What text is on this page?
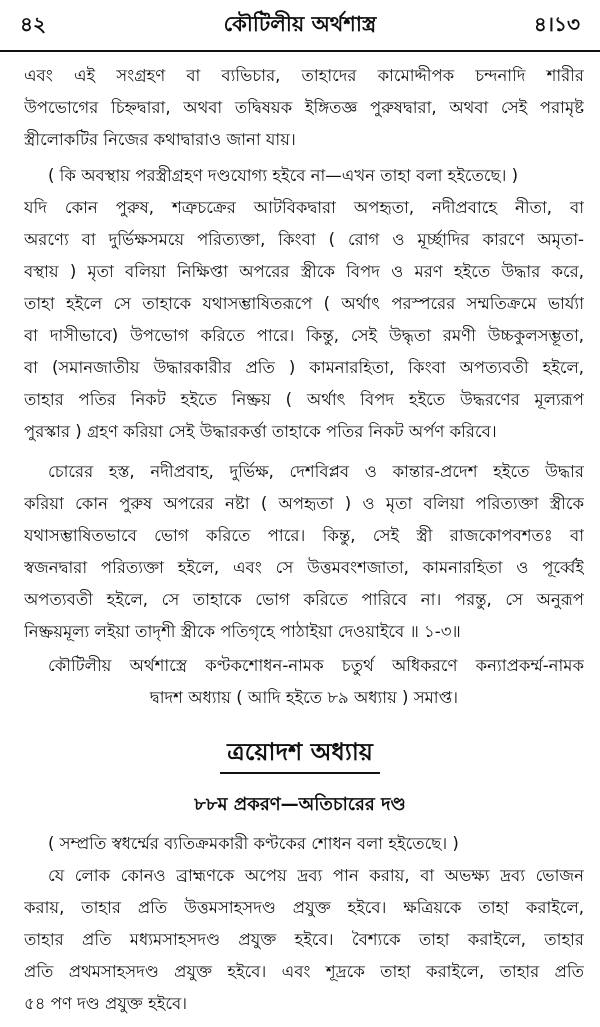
৪২	কৌটিলীয় অর্থশাস্ত্র	৪।১৩
এবং এই সংগ্রহণ বা ব্যভিচার, তাহাদের কামোদ্দীপক চন্দনাদি শারীর
উপভোগের চিহ্নদ্বারা, অথবা তদ্বিষয়ক ইঙ্গিতজ্ঞ পুরুষদ্বারা, অথবা সেই পরামৃষ্ট
স্ত্রীলোকটির নিজের কথাদ্বারাও জানা যায়।
( কি অবস্থায় পরস্ত্রীগ্রহণ দণ্ডযোগ্য হইবে না—এখন তাহা বলা হইতেছে। )
যদি কোন পুরুষ, শত্রুচক্রের আটবিকদ্বারা অপহৃতা, নদীপ্রবাহে নীতা, বা
অরণ্যে বা দুর্ভিক্ষসময়ে পরিত্যক্তা, কিংবা ( রোগ ও মূর্চ্ছাদির কারণে অমৃতা-
বস্থায় ) মৃতা বলিয়া নিক্ষিপ্তা অপরের স্ত্রীকে বিপদ ও মরণ হইতে উদ্ধার করে,
তাহা হইলে সে তাহাকে যথাসম্ভাষিতরূপে ( অর্থাৎ পরস্পরের সম্মতিক্রমে ভার্য্যা
বা দাসীভাবে) উপভোগ করিতে পারে। কিন্তু, সেই উদ্ধৃতা রমণী উচ্চকুলসম্ভূতা,
বা (সমানজাতীয় উদ্ধারকারীর প্রতি ) কামনারহিতা, কিংবা অপত্যবতী হইলে,
তাহার পতির নিকট হইতে নিষ্ক্রয় ( অর্থাৎ বিপদ হইতে উদ্ধরণের মূল্যরূপ
পুরস্কার ) গ্রহণ করিয়া সেই উদ্ধারকর্ত্তা তাহাকে পতির নিকট অর্পণ করিবে।
চোরের হস্ত, নদীপ্রবাহ, দুর্ভিক্ষ, দেশবিপ্লব ও কান্তার-প্রদেশ হইতে উদ্ধার
করিয়া কোন পুরুষ অপরের নষ্টা ( অপহৃতা ) ও মৃতা বলিয়া পরিত্যক্তা স্ত্রীকে
যথাসম্ভাষিতভাবে ভোগ করিতে পারে। কিন্তু, সেই স্ত্রী রাজকোপবশতঃ বা
স্বজনদ্বারা পরিত্যক্তা হইলে, এবং সে উত্তমবংশজাতা, কামনারহিতা ও পূর্ব্বেই
অপত্যবতী হইলে, সে তাহাকে ভোগ করিতে পারিবে না। পরন্তু, সে অনুরূপ
নিষ্ক্রয়মূল্য লইয়া তাদৃশী স্ত্রীকে পতিগৃহে পাঠাইয়া দেওয়াইবে ॥ ১-৩॥
কৌটিলীয় অর্থশাস্ত্রে কণ্টকশোধন-নামক চতুর্থ অধিকরণে কন্যাপ্রকর্ম্ম-নামক
দ্বাদশ অধ্যায় ( আদি হইতে ৮৯ অধ্যায় ) সমাপ্ত।
ত্রয়োদশ অধ্যায়
৮৮ম প্রকরণ—অতিচারের দণ্ড
( সম্প্রতি স্বধর্ম্মের ব্যতিক্রমকারী কণ্টকের শোধন বলা হইতেছে। )
যে লোক কোনও ব্রাহ্মণকে অপেয় দ্রব্য পান করায়, বা অভক্ষ্য দ্রব্য ভোজন
করায়, তাহার প্রতি উত্তমসাহসদণ্ড প্রযুক্ত হইবে। ক্ষত্রিয়কে তাহা করাইলে,
তাহার প্রতি মধ্যমসাহসদণ্ড প্রযুক্ত হইবে। বৈশ্যকে তাহা করাইলে, তাহার
প্রতি প্রথমসাহসদণ্ড প্রযুক্ত হইবে। এবং শূদ্রকে তাহা করাইলে, তাহার প্রতি
৫৪ পণ দণ্ড প্রযুক্ত হইবে।
